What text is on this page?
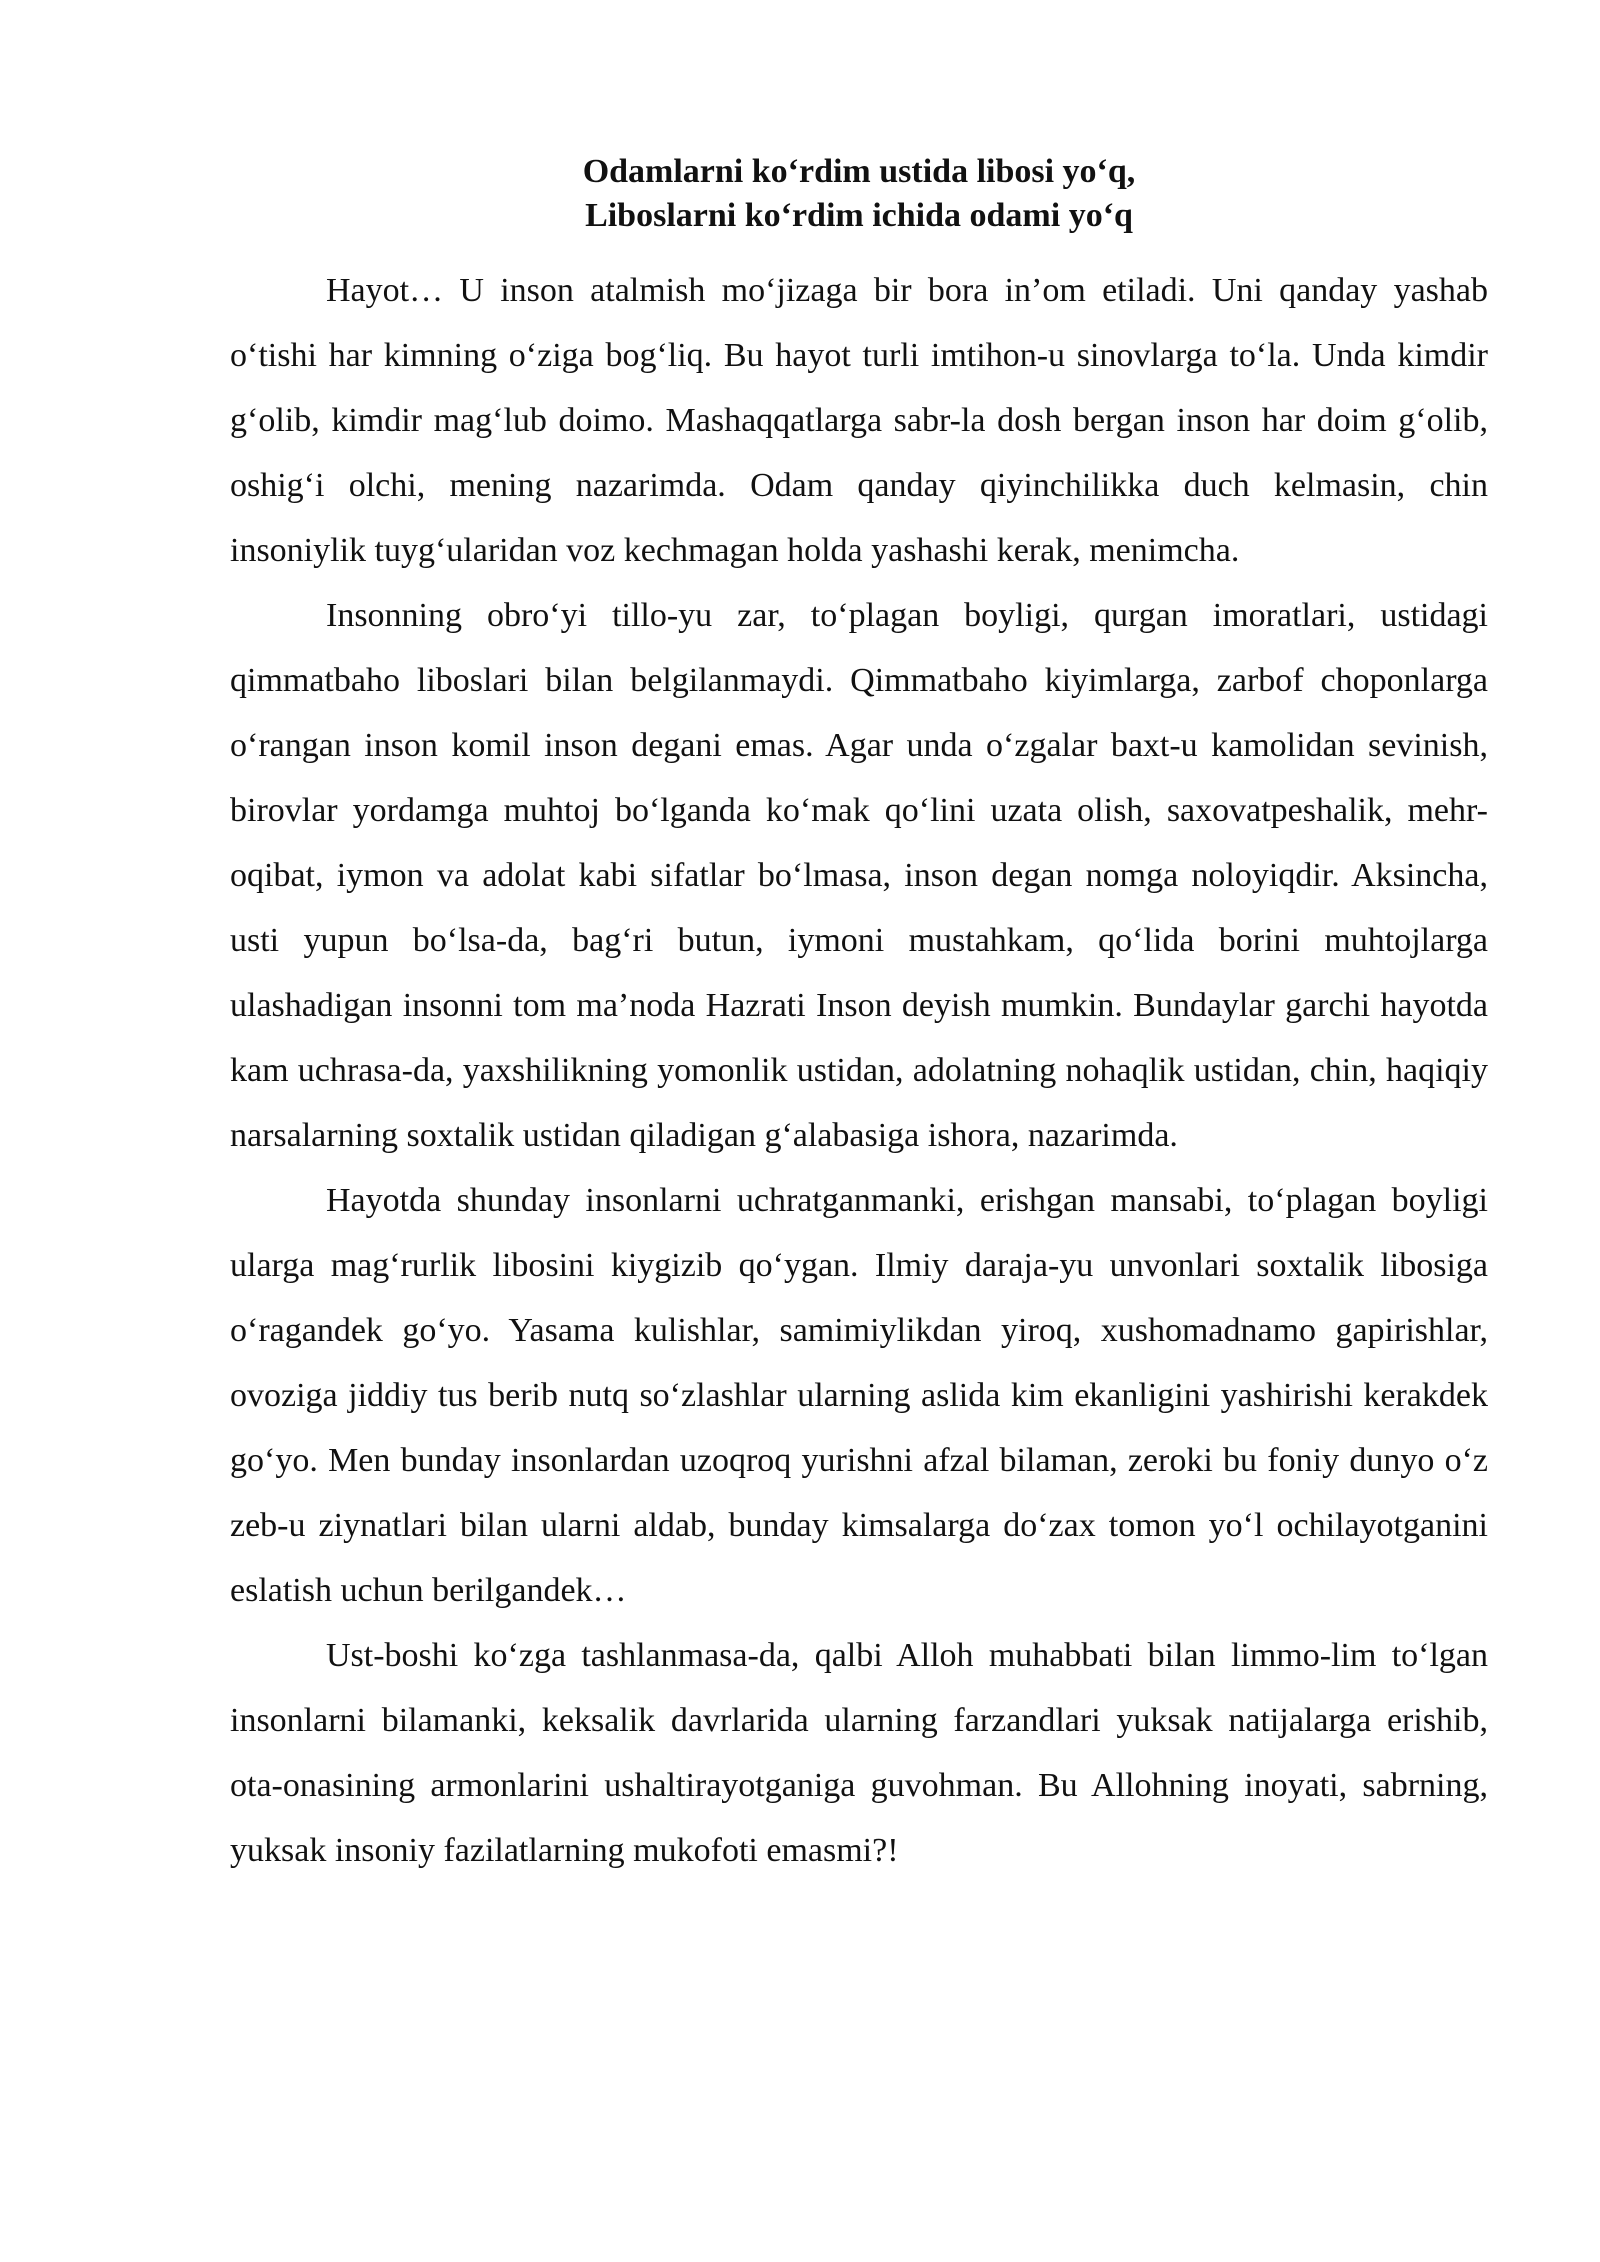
Odamlarni ko‘rdim ustida libosi yo‘q,
Liboslarni ko‘rdim ichida odami yo‘q

Hayot… U inson atalmish mo‘jizaga bir bora in’om etiladi. Uni qanday yashab o‘tishi har kimning o‘ziga bog‘liq. Bu hayot turli imtihon-u sinovlarga to‘la. Unda kimdir g‘olib, kimdir mag‘lub doimo. Mashaqqatlarga sabr-la dosh bergan inson har doim g‘olib, oshig‘i olchi, mening nazarimda. Odam qanday qiyinchilikka duch kelmasin, chin insoniylik tuyg‘ularidan voz kechmagan holda yashashi kerak, menimcha.

Insonning obro‘yi tillo-yu zar, to‘plagan boyligi, qurgan imoratlari, ustidagi qimmatbaho liboslari bilan belgilanmaydi. Qimmatbaho kiyimlarga, zarbof choponlarga o‘rangan inson komil inson degani emas. Agar unda o‘zgalar baxt-u kamolidan sevinish, birovlar yordamga muhtoj bo‘lganda ko‘mak qo‘lini uzata olish, saxovatpeshalik, mehr-oqibat, iymon va adolat kabi sifatlar bo‘lmasa, inson degan nomga noloyiqdir. Aksincha, usti yupun bo‘lsa-da, bag‘ri butun, iymoni mustahkam, qo‘lida borini muhtojlarga ulashadigan insonni tom ma’noda Hazrati Inson deyish mumkin. Bundaylar garchi hayotda kam uchrasa-da, yaxshilikning yomonlik ustidan, adolatning nohaqlik ustidan, chin, haqiqiy narsalarning soxtalik ustidan qiladigan g‘alabasiga ishora, nazarimda.

Hayotda shunday insonlarni uchratganmanki, erishgan mansabi, to‘plagan boyligi ularga mag‘rurlik libosini kiygizib qo‘ygan. Ilmiy daraja-yu unvonlari soxtalik libosiga o‘ragandek go‘yo. Yasama kulishlar, samimiylikdan yiroq, xushomadnamo gapirishlar, ovoziga jiddiy tus berib nutq so‘zlashlar ularning aslida kim ekanligini yashirishi kerakdek go‘yo. Men bunday insonlardan uzoqroq yurishni afzal bilaman, zeroki bu foniy dunyo o‘z zeb-u ziynatlari bilan ularni aldab, bunday kimsalarga do‘zax tomon yo‘l ochilayotganini eslatish uchun berilgandek…

Ust-boshi ko‘zga tashlanmasa-da, qalbi Alloh muhabbati bilan limmo-lim to‘lgan insonlarni bilamanki, keksalik davrlarida ularning farzandlari yuksak natijalarga erishib, ota-onasining armonlarini ushaltirayotganiga guvohman. Bu Allohning inoyati, sabrning, yuksak insoniy fazilatlarning mukofoti emasmi?!
